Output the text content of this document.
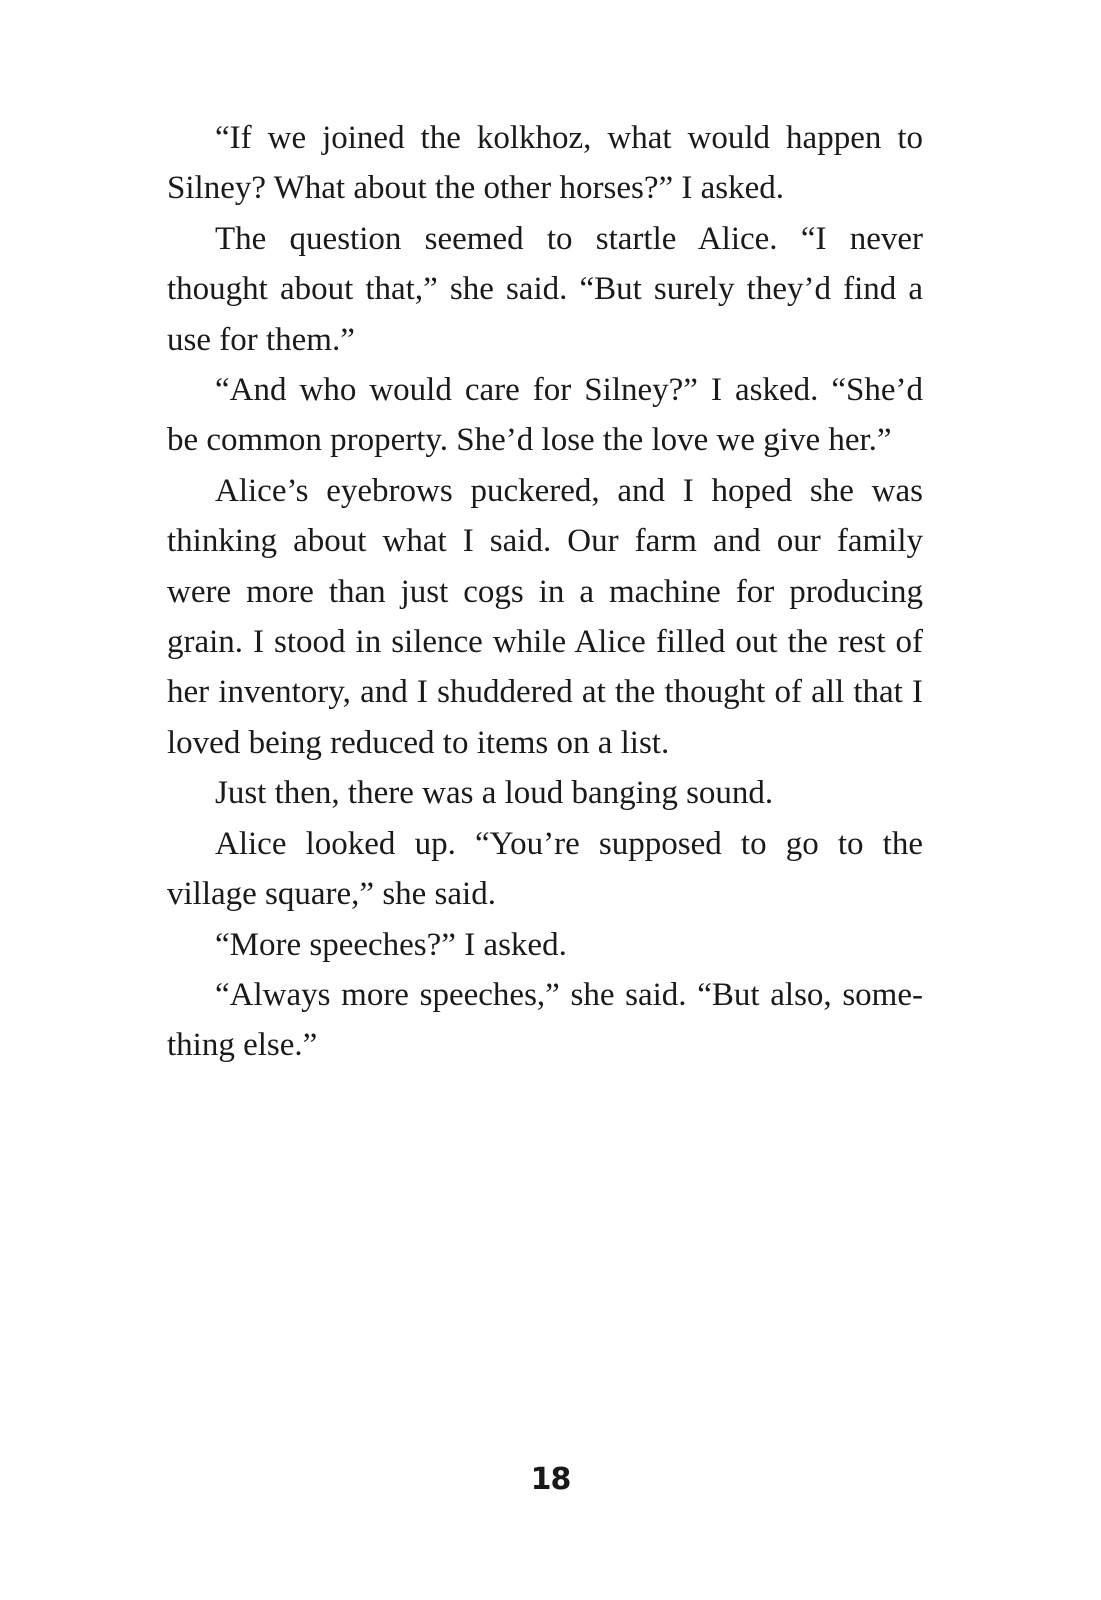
“If we joined the kolkhoz, what would happen to Silney? What about the other horses?” I asked.

The question seemed to startle Alice. “I never thought about that,” she said. “But surely they’d find a use for them.”

“And who would care for Silney?” I asked. “She’d be common property. She’d lose the love we give her.”

Alice’s eyebrows puckered, and I hoped she was thinking about what I said. Our farm and our family were more than just cogs in a machine for producing grain. I stood in silence while Alice filled out the rest of her inventory, and I shuddered at the thought of all that I loved being reduced to items on a list.

Just then, there was a loud banging sound.

Alice looked up. “You’re supposed to go to the village square,” she said.

“More speeches?” I asked.

“Always more speeches,” she said. “But also, something else.”

18
